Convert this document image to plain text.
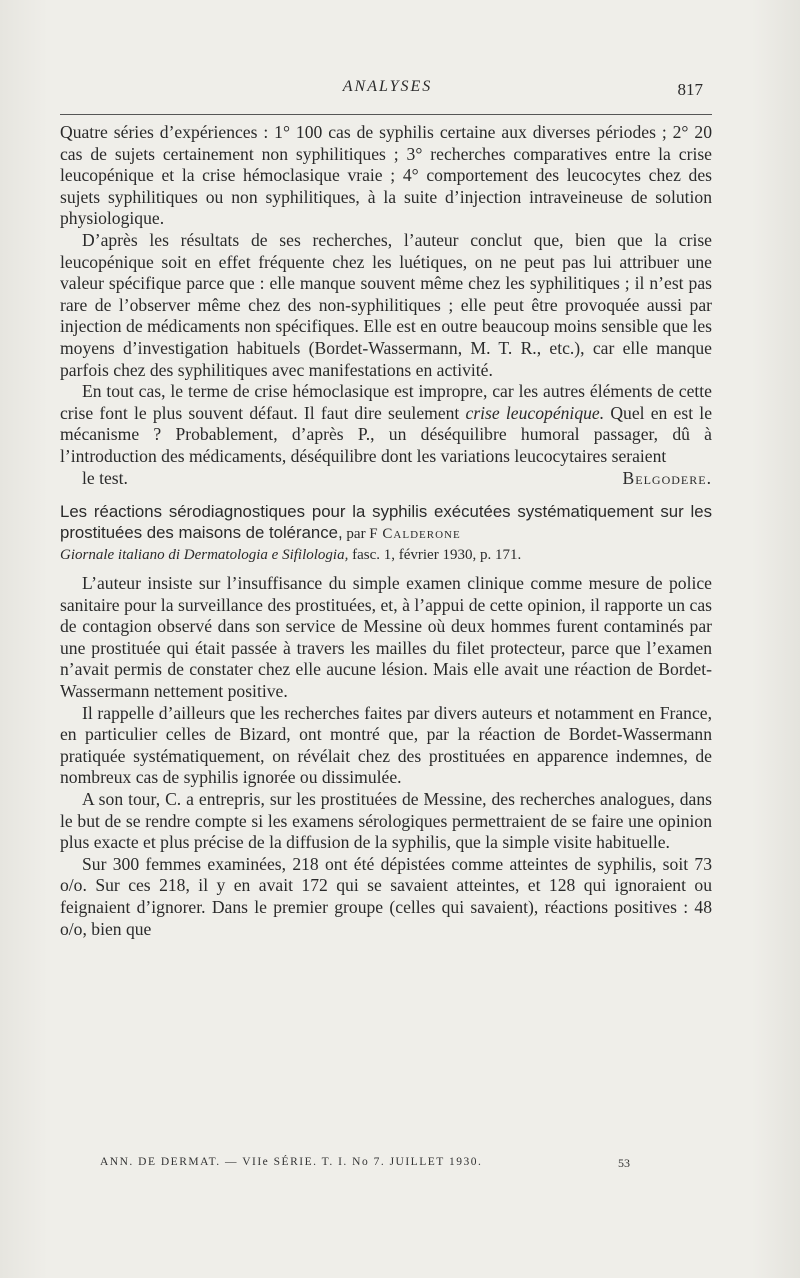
ANALYSES	817

Quatre séries d’expériences : 1° 100 cas de syphilis certaine aux diverses périodes ; 2° 20 cas de sujets certainement non syphilitiques ; 3° recherches comparatives entre la crise leucopénique et la crise hémoclasique vraie ; 4° comportement des leucocytes chez des sujets syphilitiques ou non syphilitiques, à la suite d’injection intraveineuse de solution physiologique.

D’après les résultats de ses recherches, l’auteur conclut que, bien que la crise leucopénique soit en effet fréquente chez les luétiques, on ne peut pas lui attribuer une valeur spécifique parce que : elle manque souvent même chez les syphilitiques ; il n’est pas rare de l’observer même chez des non-syphilitiques ; elle peut être provoquée aussi par injection de médicaments non spécifiques. Elle est en outre beaucoup moins sensible que les moyens d’investigation habituels (Bordet-Wassermann, M. T. R., etc.), car elle manque parfois chez des syphilitiques avec manifestations en activité.

En tout cas, le terme de crise hémoclasique est impropre, car les autres éléments de cette crise font le plus souvent défaut. Il faut dire seulement crise leucopénique. Quel en est le mécanisme ? Probablement, d’après P., un déséquilibre humoral passager, dû à l’introduction des médicaments, déséquilibre dont les variations leucocytaires seraient

le test.	Belgodere.

Les réactions sérodiagnostiques pour la syphilis exécutées systématiquement sur les prostituées des maisons de tolérance, par F Calderone
Giornale italiano di Dermatologia e Sifilologia, fasc. 1, février 1930, p. 171.

L’auteur insiste sur l’insuffisance du simple examen clinique comme mesure de police sanitaire pour la surveillance des prostituées, et, à l’appui de cette opinion, il rapporte un cas de contagion observé dans son service de Messine où deux hommes furent contaminés par une prostituée qui était passée à travers les mailles du filet protecteur, parce que l’examen n’avait permis de constater chez elle aucune lésion. Mais elle avait une réaction de Bordet-Wassermann nettement positive.

Il rappelle d’ailleurs que les recherches faites par divers auteurs et notamment en France, en particulier celles de Bizard, ont montré que, par la réaction de Bordet-Wassermann pratiquée systématiquement, on révélait chez des prostituées en apparence indemnes, de nombreux cas de syphilis ignorée ou dissimulée.

A son tour, C. a entrepris, sur les prostituées de Messine, des recherches analogues, dans le but de se rendre compte si les examens sérologiques permettraient de se faire une opinion plus exacte et plus précise de la diffusion de la syphilis, que la simple visite habituelle.

Sur 300 femmes examinées, 218 ont été dépistées comme atteintes de syphilis, soit 73 o/o. Sur ces 218, il y en avait 172 qui se savaient atteintes, et 128 qui ignoraient ou feignaient d’ignorer. Dans le premier groupe (celles qui savaient), réactions positives : 48 o/o, bien que

ANN. DE DERMAT. — VIIe SÉRIE. T. I. No 7. JUILLET 1930.	53
